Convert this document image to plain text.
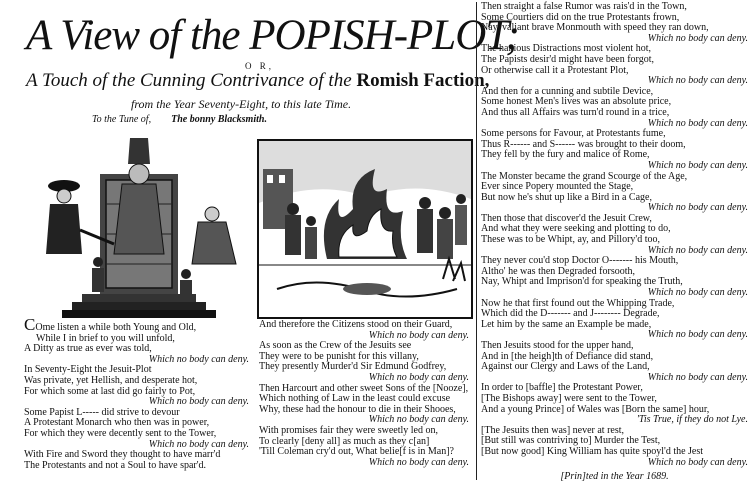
A View of the POPISH-PLOT;
O R,
A Touch of the Cunning Contrivance of the Romish Faction,
from the Year Seventy-Eight, to this late Time.
To the Tune of, The bonny Blacksmith.
COme listen a while both Young and Old,
While I in brief to you will unfold,
A Ditty as true as ever was told,
Which no body can deny.
In Seventy-Eight the Jesuit-Plot
Was private, yet Hellish, and desperate hot,
For which some at last did go fairly to Pot,
Which no body can deny.
Some Papist L----- did strive to devour
A Protestant Monarch who then was in power,
For which they were decently sent to the Tower,
Which no body can deny.
With Fire and Sword they thought to have marr'd
The Protestants and not a Soul to have spar'd.
And therefore the Citizens stood on their Guard,
Which no body can deny.
As soon as the Crew of the Jesuits see
They were to be punisht for this villany,
They presently Murder'd Sir Edmund Godfrey,
Which no body can deny.
Then Harcourt and other sweet Sons of the [Nooze],
Which nothing of Law in the least could excuse
Why, these had the honour to die in their Shooes,
Which no body can deny.
With promises fair they were sweetly led on,
To clearly [deny all] as much as they c[an]
'Till Coleman cry'd out, What belie[f is in Man]?
Which no body can deny.
Then straight a false Rumor was rais'd in the Town,
Some Courtiers did on the true Protestants frown,
Nay, valiant brave Monmouth with speed they ran down,
Which no body can deny.
The hanious Distractions most violent hot,
The Papists desir'd might have been forgot,
Or otherwise call it a Protestant Plot,
Which no body can deny.
And then for a cunning and subtile Device,
Some honest Men's lives was an absolute price,
And thus all Affairs was turn'd round in a trice,
Which no body can deny.
Some persons for Favour, at Protestants fume,
Thus R------ and S------ was brought to their doom,
They fell by the fury and malice of Rome,
Which no body can deny.
The Monster became the grand Scourge of the Age,
Ever since Popery mounted the Stage,
But now he's shut up like a Bird in a Cage,
Which no body can deny.
Then those that discover'd the Jesuit Crew,
And what they were seeking and plotting to do,
These was to be Whipt, ay, and Pillory'd too,
Which no body can deny.
They never cou'd stop Doctor O------- his Mouth,
Altho' he was then Degraded forsooth,
Nay, Whipt and Imprison'd for speaking the Truth,
Which no body can deny.
Now he that first found out the Whipping Trade,
Which did the D------- and J-------- Degrade,
Let him by the same an Example be made,
Which no body can deny.
Then Jesuits stood for the upper hand,
And in [the heigh]th of Defiance did stand,
Against our Clergy and Laws of the Land,
Which no body can deny.
In order to [baffle] the Protestant Power,
[The Bishops away] were sent to the Tower,
And a young Prince] of Wales was [Born the same] hour,
'Tis True, if they do not Lye.
[The Jesuits then was] never at rest,
[But still was contriving to] Murder the Test,
[But now good] King William has quite spoyl'd the Jest
Which no body can deny.
[Prin]ted in the Year 1689.
